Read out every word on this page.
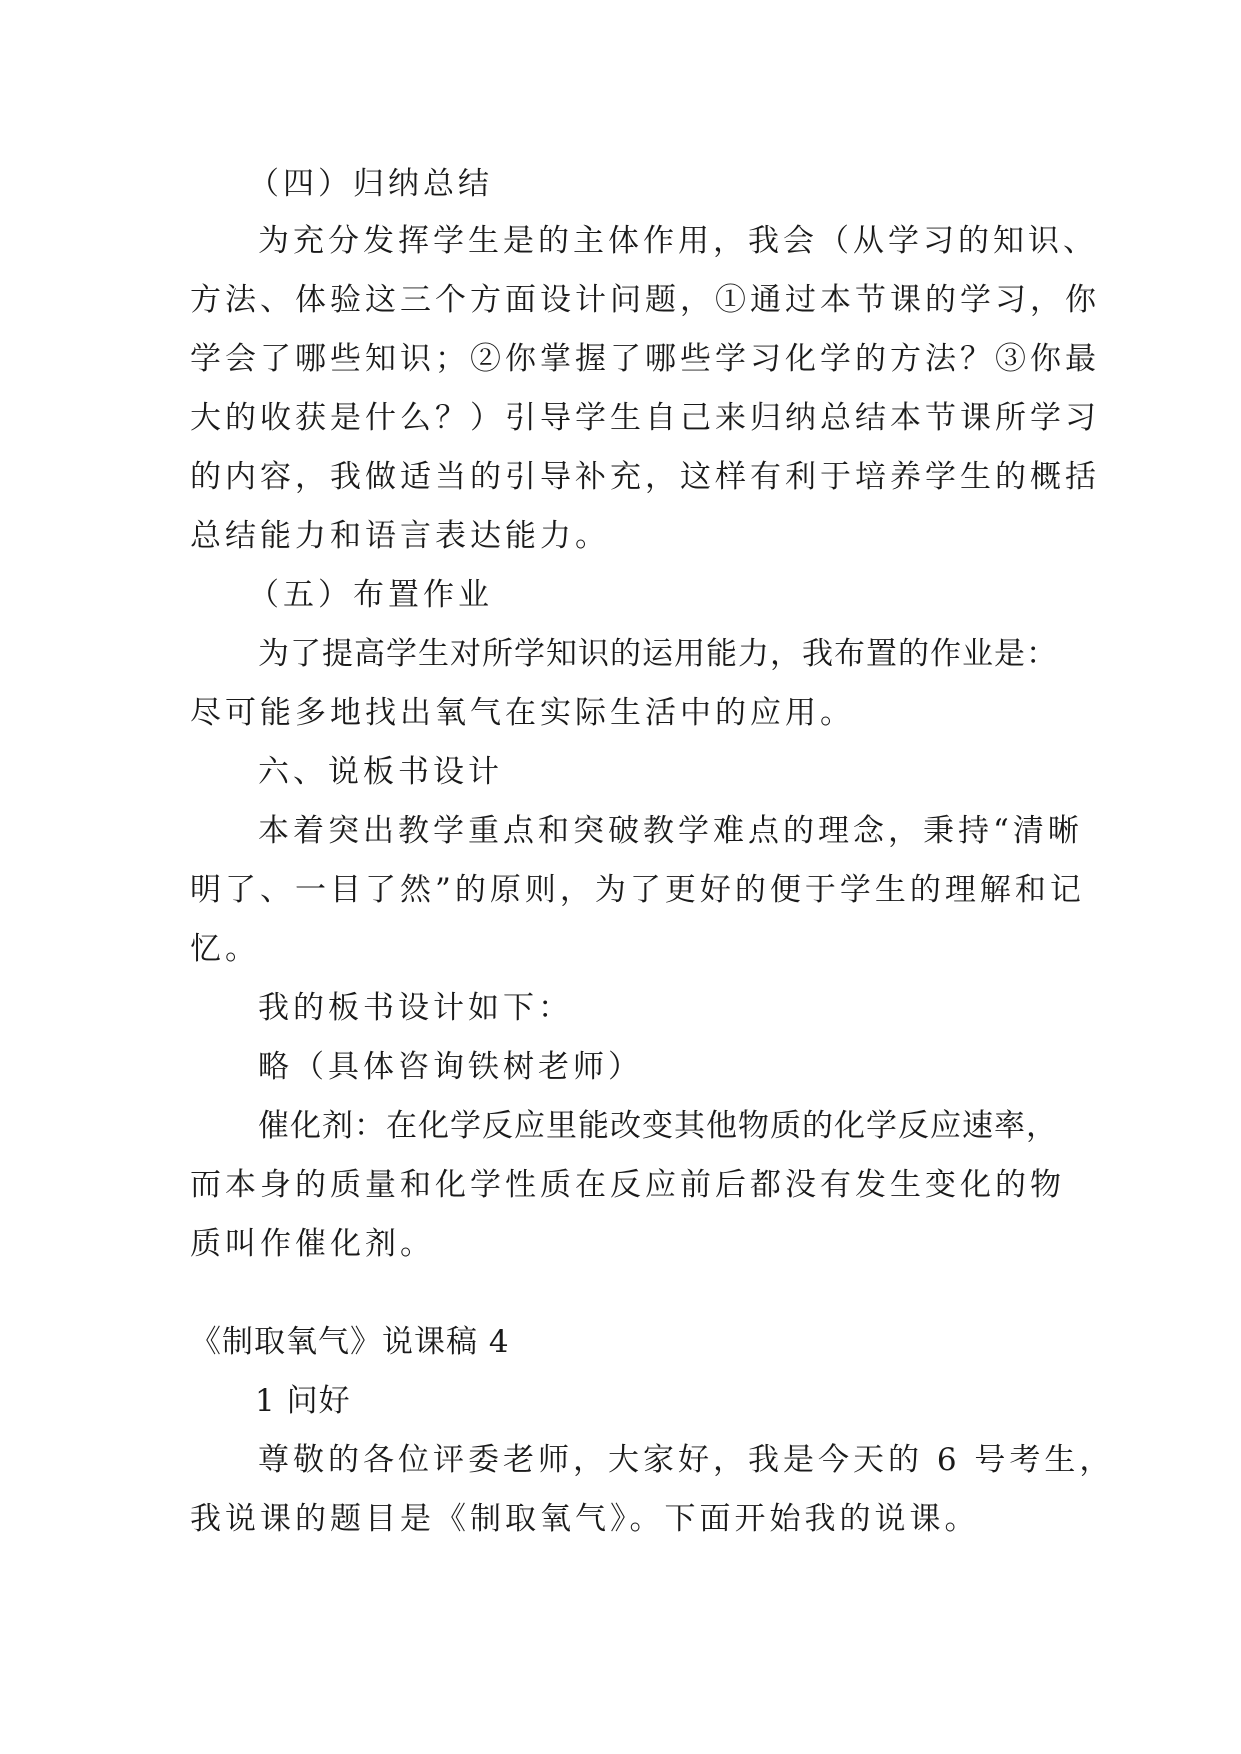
（四）归纳总结
为充分发挥学生是的主体作用，我会（从学习的知识、
方法、体验这三个方面设计问题，①通过本节课的学习，你
学会了哪些知识；②你掌握了哪些学习化学的方法？③你最
大的收获是什么？）引导学生自己来归纳总结本节课所学习
的内容，我做适当的引导补充，这样有利于培养学生的概括
总结能力和语言表达能力。
（五）布置作业
为了提高学生对所学知识的运用能力，我布置的作业是：
尽可能多地找出氧气在实际生活中的应用。
六、说板书设计
本着突出教学重点和突破教学难点的理念，秉持“清晰
明了、一目了然”的原则，为了更好的便于学生的理解和记
忆。
我的板书设计如下：
略（具体咨询铁树老师）
催化剂：在化学反应里能改变其他物质的化学反应速率，
而本身的质量和化学性质在反应前后都没有发生变化的物
质叫作催化剂。
《制取氧气》说课稿 4
1 问好
尊敬的各位评委老师，大家好，我是今天的 6 号考生，
我说课的题目是《制取氧气》。下面开始我的说课。
